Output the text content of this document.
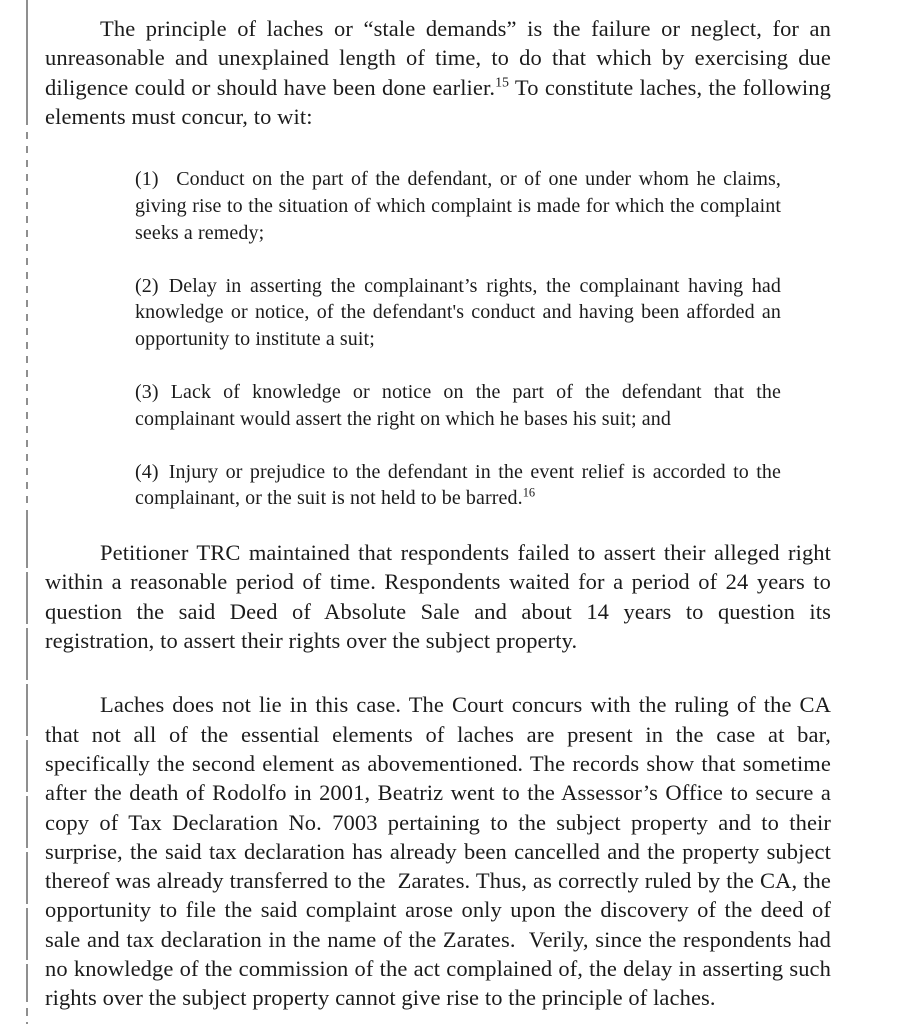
The principle of laches or “stale demands” is the failure or neglect, for an unreasonable and unexplained length of time, to do that which by exercising due diligence could or should have been done earlier.$^{15}$ To constitute laches, the following elements must concur, to wit:

(1)  Conduct on the part of the defendant, or of one under whom he claims, giving rise to the situation of which complaint is made for which the complaint seeks a remedy;

(2) Delay in asserting the complainant’s rights, the complainant having had knowledge or notice, of the defendant's conduct and having been afforded an opportunity to institute a suit;

(3) Lack of knowledge or notice on the part of the defendant that the complainant would assert the right on which he bases his suit; and

(4) Injury or prejudice to the defendant in the event relief is accorded to the complainant, or the suit is not held to be barred.$^{16}$

Petitioner TRC maintained that respondents failed to assert their alleged right within a reasonable period of time. Respondents waited for a period of 24 years to question the said Deed of Absolute Sale and about 14 years to question its registration, to assert their rights over the subject property.

Laches does not lie in this case. The Court concurs with the ruling of the CA that not all of the essential elements of laches are present in the case at bar, specifically the second element as abovementioned. The records show that sometime after the death of Rodolfo in 2001, Beatriz went to the Assessor’s Office to secure a copy of Tax Declaration No. 7003 pertaining to the subject property and to their surprise, the said tax declaration has already been cancelled and the property subject thereof was already transferred to the  Zarates. Thus, as correctly ruled by the CA, the opportunity to file the said complaint arose only upon the discovery of the deed of sale and tax declaration in the name of the Zarates.  Verily, since the respondents had no knowledge of the commission of the act complained of, the delay in asserting such rights over the subject property cannot give rise to the principle of laches.
